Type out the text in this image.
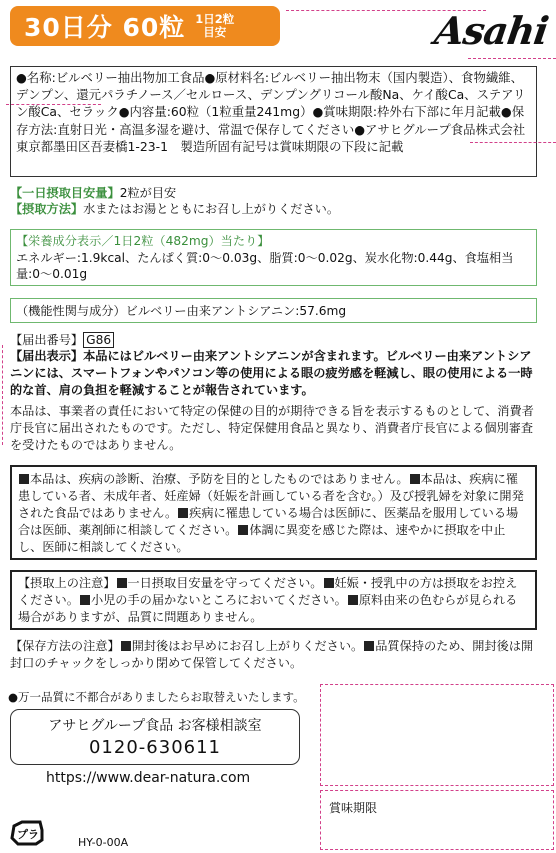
30日分 60粒 1日2粒
目安	Asahi
●名称:ビルベリー抽出物加工食品●原材料名:ビルベリー抽出物末（国内製造）、食物繊維、デンプン、還元パラチノース／セルロース、デンプングリコール酸Na、ケイ酸Ca、ステアリン酸Ca、セラック●内容量:60粒（1粒重量241mg）●賞味期限:枠外右下部に年月記載●保存方法:直射日光・高温多湿を避け、常温で保存してください●アサヒグループ食品株式会社　東京都墨田区吾妻橋1-23-1　製造所固有記号は賞味期限の下段に記載
【一日摂取目安量】2粒が目安
【摂取方法】水またはお湯とともにお召し上がりください。
【栄養成分表示／1日2粒（482mg）当たり】
エネルギー:1.9kcal、たんぱく質:0～0.03g、脂質:0～0.02g、炭水化物:0.44g、食塩相当量:0～0.01g
（機能性関与成分）ビルベリー由来アントシアニン:57.6mg
【届出番号】 G86
【届出表示】本品にはビルベリー由来アントシアニンが含まれます。ビルベリー由来アントシアニンには、スマートフォンやパソコン等の使用による眼の疲労感を軽減し、眼の使用による一時的な首、肩の負担を軽減することが報告されています。
本品は、事業者の責任において特定の保健の目的が期待できる旨を表示するものとして、消費者庁長官に届出されたものです。ただし、特定保健用食品と異なり、消費者庁長官による個別審査を受けたものではありません。
本品は、疾病の診断、治療、予防を目的としたものではありません。 本品は、疾病に罹患している者、未成年者、妊産婦（妊娠を計画している者を含む。）及び授乳婦を対象に開発された食品ではありません。 疾病に罹患している場合は医師に、医薬品を服用している場合は医師、薬剤師に相談してください。 体調に異変を感じた際は、速やかに摂取を中止し、医師に相談してください。
【摂取上の注意】 一日摂取目安量を守ってください。 妊娠・授乳中の方は摂取をお控えください。 小児の手の届かないところにおいてください。 原料由来の色むらが見られる場合がありますが、品質に問題ありません。
【保存方法の注意】 開封後はお早めにお召し上がりください。 品質保持のため、開封後は開封口のチャックをしっかり閉めて保管してください。
●万一品質に不都合がありましたらお取替えいたします。
アサヒグループ食品 お客様相談室
0120-630611
https://www.dear-natura.com
賞味期限
プラ
HY-0-00A
